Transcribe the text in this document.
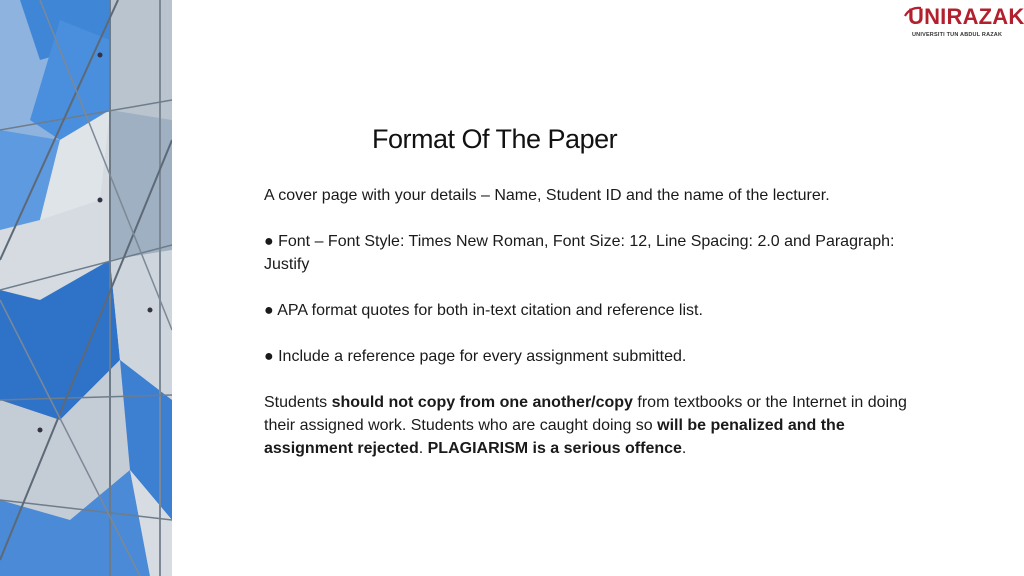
UNIRAZAK
UNIVERSITI TUN ABDUL RAZAK
Format Of The Paper

A cover page with your details – Name, Student ID and the name of the lecturer.

● Font – Font Style: Times New Roman, Font Size: 12, Line Spacing: 2.0 and Paragraph: Justify

● APA format quotes for both in-text citation and reference list.

● Include a reference page for every assignment submitted.

Students should not copy from one another/copy from textbooks or the Internet in doing their assigned work. Students who are caught doing so will be penalized and the assignment rejected. PLAGIARISM is a serious offence.
